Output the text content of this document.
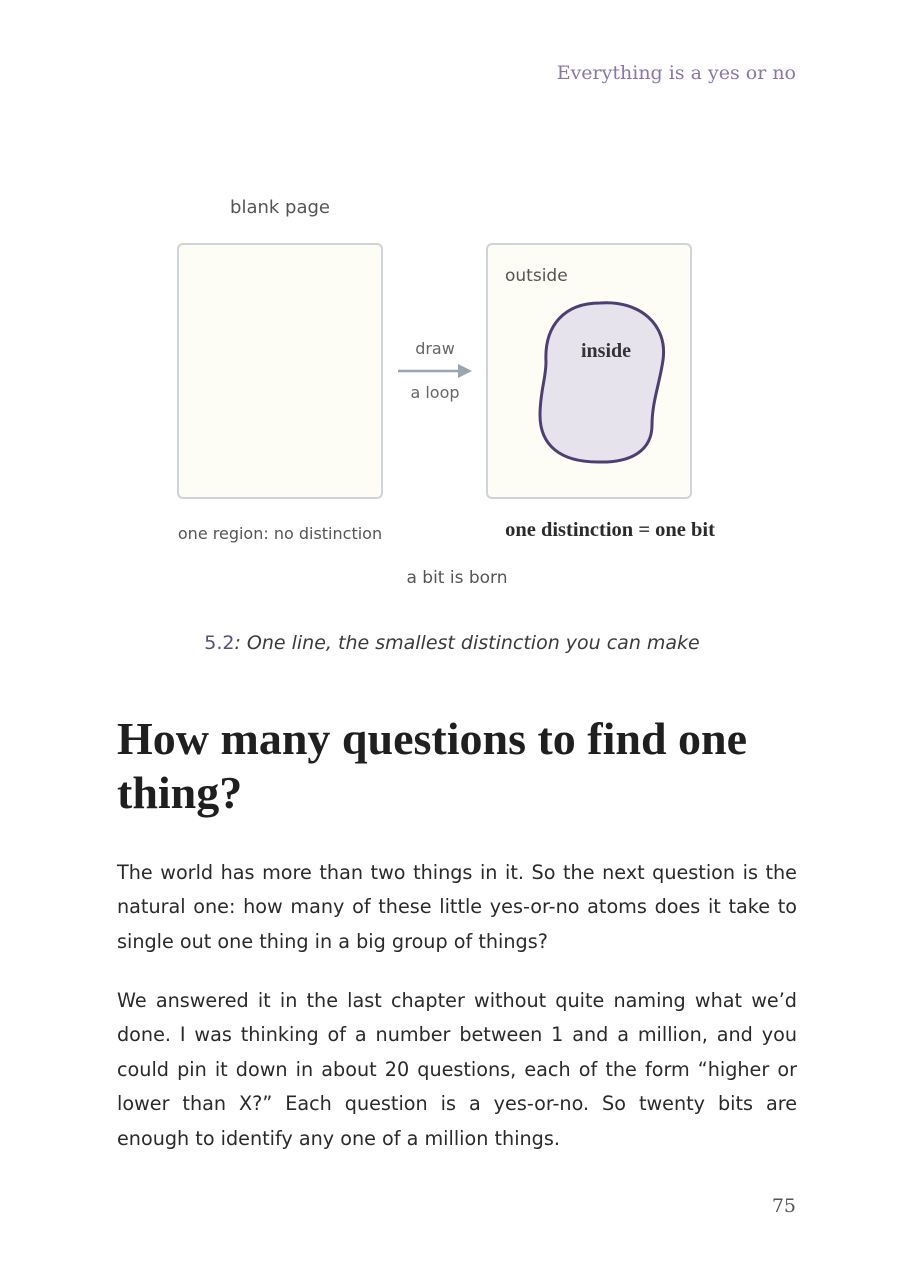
Everything is a yes or no
blank page
draw
a loop
outside
inside
one region: no distinction	one distinction = one bit
a bit is born
5.2: One line, the smallest distinction you can make
How many questions to find one thing?

The world has more than two things in it. So the next question is the natural one: how many of these little yes-or-no atoms does it take to single out one thing in a big group of things?

We answered it in the last chapter without quite naming what we’d done. I was thinking of a number between 1 and a million, and you could pin it down in about 20 questions, each of the form “higher or lower than X?” Each question is a yes-or-no. So twenty bits are enough to identify any one of a million things.

75
